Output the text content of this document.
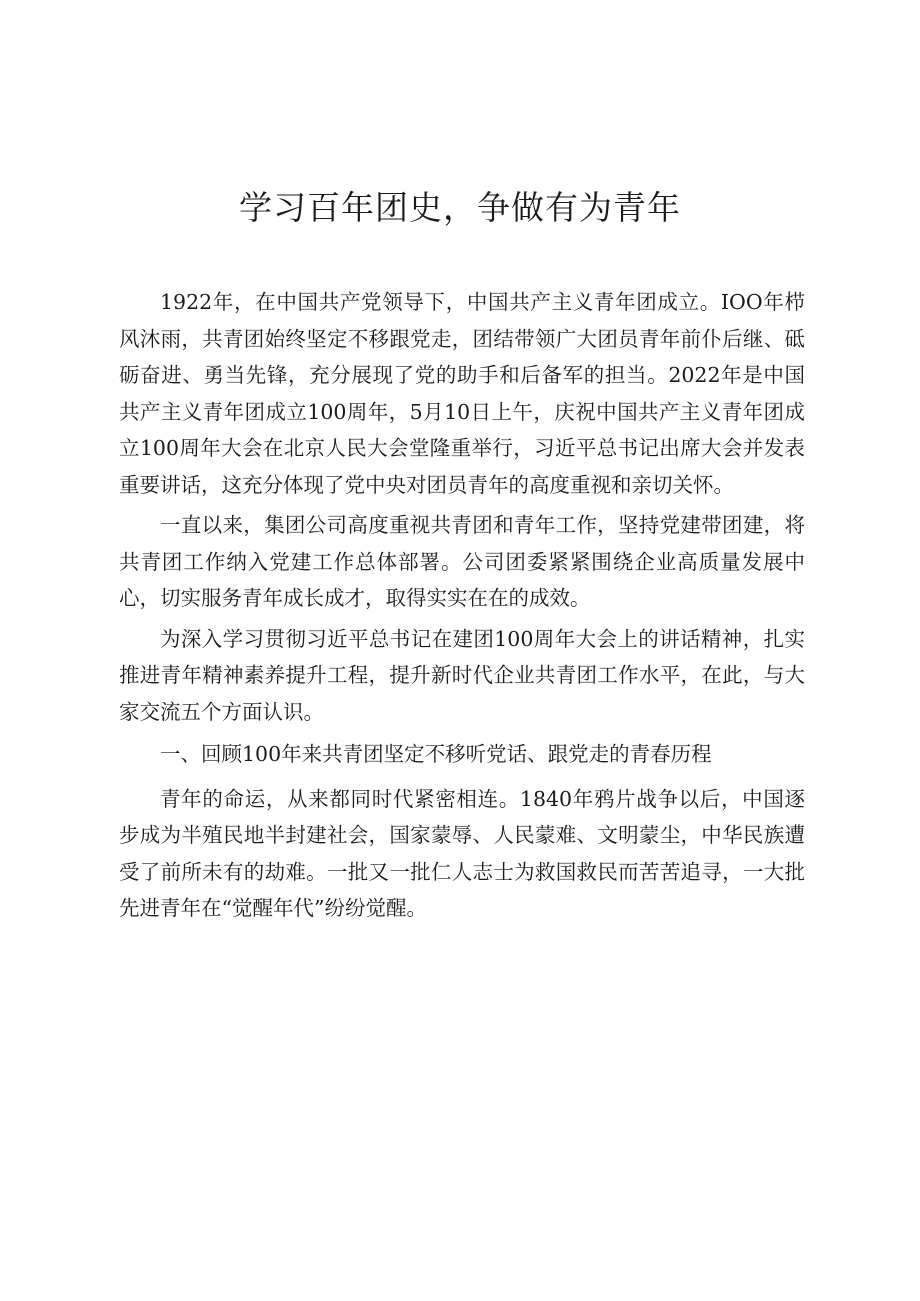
学习百年团史，争做有为青年

1922年，在中国共产党领导下，中国共产主义青年团成立。IOO年栉风沐雨，共青团始终坚定不移跟党走，团结带领广大团员青年前仆后继、砥砺奋进、勇当先锋，充分展现了党的助手和后备军的担当。2022年是中国共产主义青年团成立100周年，5月10日上午，庆祝中国共产主义青年团成立100周年大会在北京人民大会堂隆重举行，习近平总书记出席大会并发表重要讲话，这充分体现了党中央对团员青年的高度重视和亲切关怀。

一直以来，集团公司高度重视共青团和青年工作，坚持党建带团建，将共青团工作纳入党建工作总体部署。公司团委紧紧围绕企业高质量发展中心，切实服务青年成长成才，取得实实在在的成效。

为深入学习贯彻习近平总书记在建团100周年大会上的讲话精神，扎实推进青年精神素养提升工程，提升新时代企业共青团工作水平，在此，与大家交流五个方面认识。

一、回顾100年来共青团坚定不移听党话、跟党走的青春历程

青年的命运，从来都同时代紧密相连。1840年鸦片战争以后，中国逐步成为半殖民地半封建社会，国家蒙辱、人民蒙难、文明蒙尘，中华民族遭受了前所未有的劫难。一批又一批仁人志士为救国救民而苦苦追寻，一大批先进青年在“觉醒年代”纷纷觉醒。
